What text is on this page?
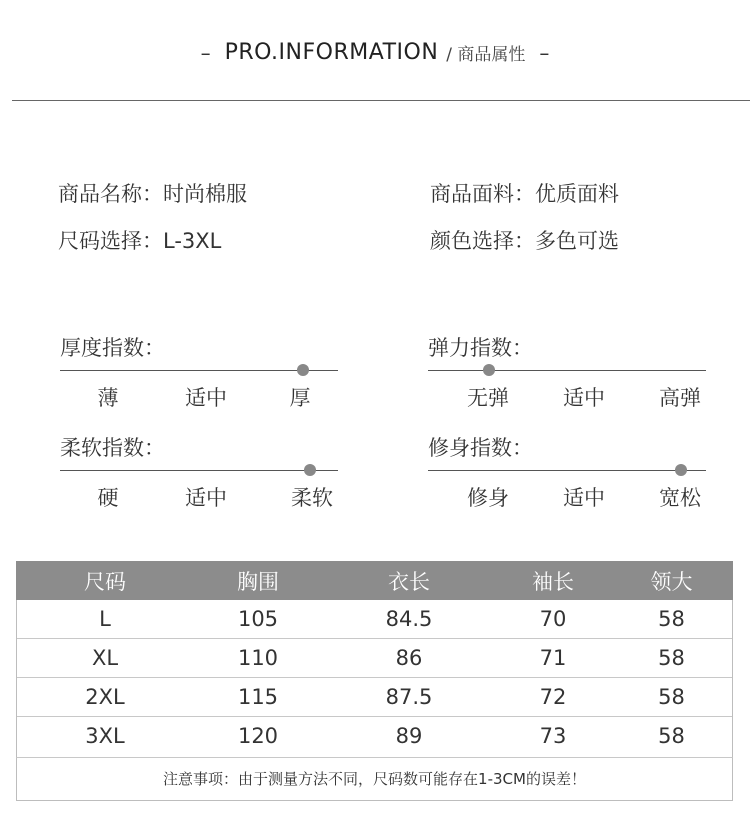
– PRO.INFORMATION / 商品属性 –
商品名称：时尚棉服	商品面料：优质面料
尺码选择：L-3XL	颜色选择：多色可选
厚度指数：
薄	适中	厚
弹力指数：
无弹	适中	高弹
柔软指数：
硬	适中	柔软
修身指数：
修身	适中	宽松
尺码	胸围	衣长	袖长	领大
L	105	84.5	70	58
XL	110	86	71	58
2XL	115	87.5	72	58
3XL	120	89	73	58
注意事项：由于测量方法不同，尺码数可能存在1-3CM的误差！
